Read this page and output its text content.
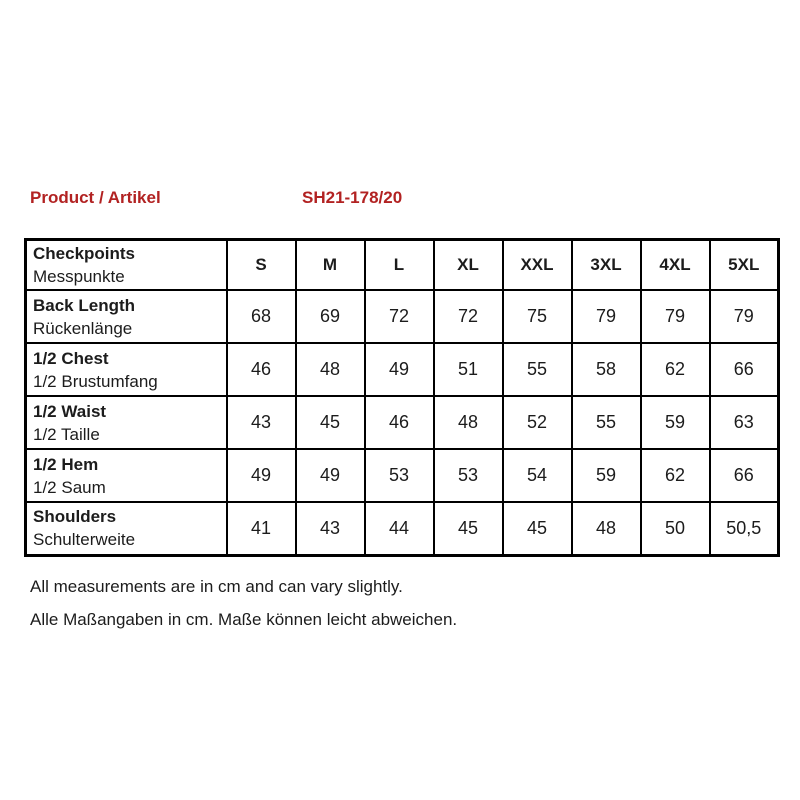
Product / Artikel	SH21-178/20
Checkpoints
Messpunkte	S	M	L	XL	XXL	3XL	4XL	5XL

Back Length
Rückenlänge	68	69	72	72	75	79	79	79

1/2 Chest
1/2 Brustumfang	46	48	49	51	55	58	62	66

1/2 Waist
1/2 Taille	43	45	46	48	52	55	59	63

1/2 Hem
1/2 Saum	49	49	53	53	54	59	62	66

Shoulders
Schulterweite	41	43	44	45	45	48	50	50,5
All measurements are in cm and can vary slightly.
Alle Maßangaben in cm. Maße können leicht abweichen.
